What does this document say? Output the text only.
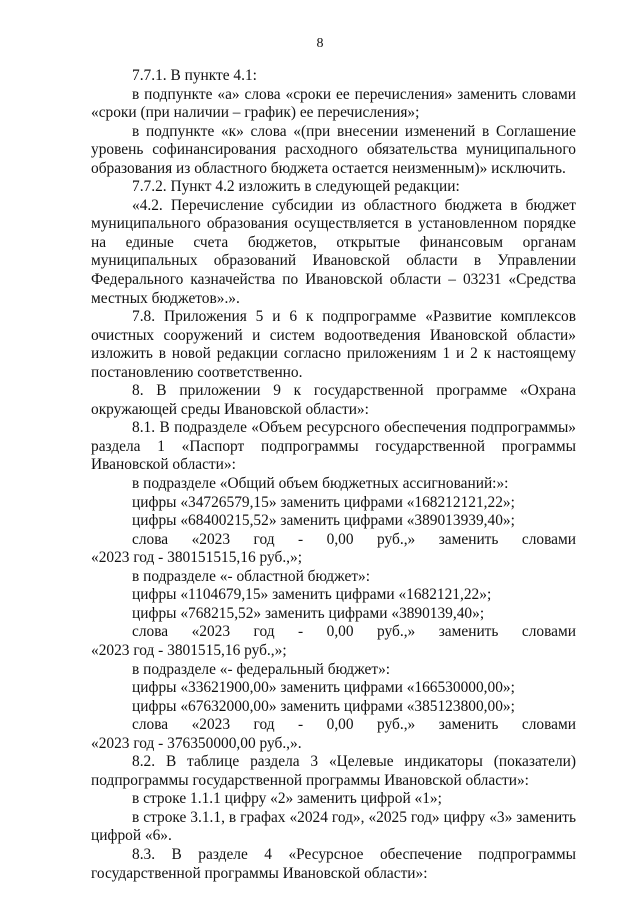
8

7.7.1. В пункте 4.1:

в подпункте «а» слова «сроки ее перечисления» заменить словами «сроки (при наличии – график) ее перечисления»;

в подпункте «к» слова «(при внесении изменений в Соглашение уровень софинансирования расходного обязательства муниципального образования из областного бюджета остается неизменным)» исключить.

7.7.2. Пункт 4.2 изложить в следующей редакции:

«4.2. Перечисление субсидии из областного бюджета в бюджет муниципального образования осуществляется в установленном порядке на единые счета бюджетов, открытые финансовым органам муниципальных образований Ивановской области в Управлении Федерального казначейства по Ивановской области – 03231 «Средства местных бюджетов».».

7.8. Приложения 5 и 6 к подпрограмме «Развитие комплексов очистных сооружений и систем водоотведения Ивановской области» изложить в новой редакции согласно приложениям 1 и 2 к настоящему постановлению соответственно.

8. В приложении 9 к государственной программе «Охрана окружающей среды Ивановской области»:

8.1. В подразделе «Объем ресурсного обеспечения подпрограммы» раздела 1 «Паспорт подпрограммы государственной программы Ивановской области»:

в подразделе «Общий объем бюджетных ассигнований:»:

цифры «34726579,15» заменить цифрами «168212121,22»;

цифры «68400215,52» заменить цифрами «389013939,40»;

слова «2023 год - 0,00 руб.,» заменить словами

«2023 год - 380151515,16 руб.,»;

в подразделе «- областной бюджет»:

цифры «1104679,15» заменить цифрами «1682121,22»;

цифры «768215,52» заменить цифрами «3890139,40»;

слова «2023 год - 0,00 руб.,» заменить словами

«2023 год - 3801515,16 руб.,»;

в подразделе «- федеральный бюджет»:

цифры «33621900,00» заменить цифрами «166530000,00»;

цифры «67632000,00» заменить цифрами «385123800,00»;

слова «2023 год - 0,00 руб.,» заменить словами

«2023 год - 376350000,00 руб.,».

8.2. В таблице раздела 3 «Целевые индикаторы (показатели) подпрограммы государственной программы Ивановской области»:

в строке 1.1.1 цифру «2» заменить цифрой «1»;

в строке 3.1.1, в графах «2024 год», «2025 год» цифру «3» заменить цифрой «6».

8.3. В разделе 4 «Ресурсное обеспечение подпрограммы государственной программы Ивановской области»:
